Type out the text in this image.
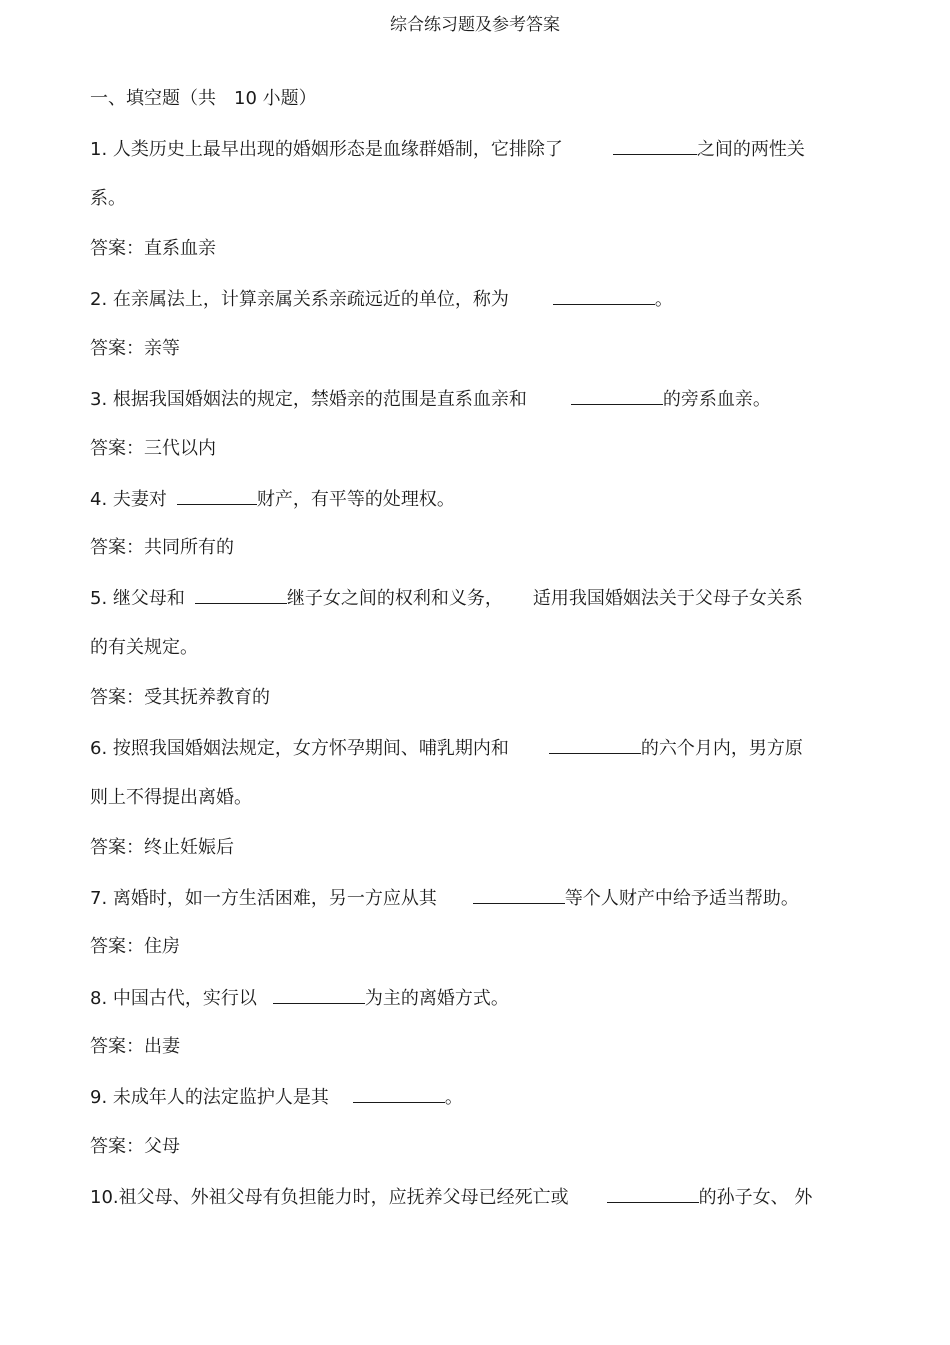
综合练习题及参考答案
一、填空题（共　10 小题）
1. 人类历史上最早出现的婚姻形态是血缘群婚制，它排除了	之间的两性关
系。
答案：直系血亲
2. 在亲属法上，计算亲属关系亲疏远近的单位，称为	。
答案：亲等
3. 根据我国婚姻法的规定，禁婚亲的范围是直系血亲和	的旁系血亲。
答案：三代以内
4. 夫妻对	财产，有平等的处理权。
答案：共同所有的
5. 继父母和	继子女之间的权利和义务， 适用我国婚姻法关于父母子女关系
的有关规定。
答案：受其抚养教育的
6. 按照我国婚姻法规定，女方怀孕期间、哺乳期内和	的六个月内，男方原
则上不得提出离婚。
答案：终止妊娠后
7. 离婚时，如一方生活困难，另一方应从其	等个人财产中给予适当帮助。
答案：住房
8. 中国古代，实行以	为主的离婚方式。
答案：出妻
9. 未成年人的法定监护人是其	。
答案：父母
10.祖父母、外祖父母有负担能力时，应抚养父母已经死亡或	的孙子女、 外
